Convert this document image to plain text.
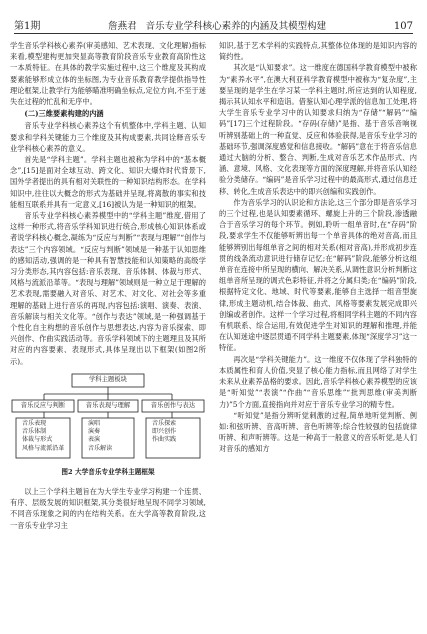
第1期	詹燕君 音乐专业学科核心素养的内涵及其模型构建	107

学生音乐学科核心素养(审美感知、艺术表现、文化理解)指标来看,模型建构更加突显高等教育阶段音乐专业教育高阶性这一本质特征。在具体的教学实施过程中,这三个维度及其构成要素能够形成立体的坐标图,为专业音乐教育教学提供指导性理论框架,让教学行为能够瞄准明确坐标点,定位方向,不至于迷失在过程的忙乱和无序中。

(二)三维要素构建的内涵

音乐专业学科核心素养这个有机整体中,学科主题、认知要求和学科关键能力三个维度及其构成要素,共同诠释音乐专业学科核心素养的意义。

首先是“学科主题”。学科主题也被称为学科中的“基本概念”,[15]是面对全球互动、跨文化、知识大爆炸时代背景下,国外学者提出的具有相对关联性的一种知识结构形态。在学科知识中,往往以大概念的形式为基础并呈现,将离散的事实和技能相互联系并具有一定意义,[16]被认为是一种知识的框架。

音乐专业学科核心素养模型中的“学科主题”维度,借用了这样一种形式,将音乐学科知识进行统合,形成核心知识体系或者说学科核心概念,凝练为“反应与判断”“表现与理解”“创作与表达”三个内容领域。“反应与判断”领域是一种基于认知思维的感知活动,强调的是一种具有智慧技能和认知策略的高级学习分类形态,其内容包括:音乐表现、音乐体制、体裁与形式、风格与流派沿革等。“表现与理解”领域则是一种立足于理解的艺术表现,需要融入对音乐、对艺术、对文化、对社会等多重理解的基础上进行音乐的再现,内容包括:演唱、演奏、表演、音乐解读与相关文化等。“创作与表达”领域,是一种强调基于个性化自主构想的音乐创作与思想表达,内容为音乐探索、即兴创作、作曲实践活动等。音乐学科领域下的主题理且及其所对应的内容要素、表现形式,具体呈现出以下框架(如图2所示)。

学科主题板块
音乐反应与判断	音乐表现与理解	音乐创作与表达
音乐表现
音乐体制
体裁与形式
风格与流派沿革
演唱
演奏
表演
音乐解读
音乐探索
即兴创作
作曲实践
图2 大学音乐专业学科主题框架

以上三个学科主题旨在为大学生专业学习构建一个连贯、有序、层级发展的知识框架,其分类很好地呈现不同学习领域,不同音乐现象之间的内在结构关系。在大学高等教育阶段,这一音乐专业学习主

知识,基于艺术学科的实践特点,其整体位体现的是知识内容的简约性。

其次是“认知要求”。这一维度在德国科学教育模型中被称为“素养水平”,在澳大利亚科学教育模型中被称为“复杂度”,主要呈现的是学生在学习某一学科主题时,所应达到的认知程度,揭示其认知水平和造诣。借鉴认知心理学派的信息加工处理,将大学生音乐专业学习中的认知要求归纳为“存储”“解码”“编码”[17]三个过程阶段。“存码(存储)”是指、基于音乐音响视听辨别基础上的一种直觉、反应和体验获得,是音乐专业学习的基础环节,强调深度感觉和信息接收。“解码”意在于将音乐信息通过大脑的分析、整合、判断,生成对音乐艺术作品形式、内涵、意境、风格、文化表现等方面的深度理解,并将音乐认知经验分类储存。“编码”是音乐学习过程中的最高形式,通过信息迁移、转化,生成音乐表达中的即兴创编和实践创作。

作为音乐学习的认识论和方法论,这三个部分即是音乐学习的三个过程,也是认知要素循环、螺旋上升的三个阶段,渗透融合于音乐学习的每个环节。例如,聆听一组单音时,在“存码”阶段,要求学生不仅能够听辨出每一个单音具体的绝对音高,而且能够辨别出每组单音之间的相对关系(相对音高),并形成初步连贯的线条流动意识进行储存记忆;在“解码”阶段,能够分析这组单音在连接中所呈现的横向、解决关系,从调性意识分析判断这组单音所呈现的调式色彩特征,并将之分属归类;在“编码”阶段,根据特定文化、地域、时代等要素,能够自主选择一组音型旋律,形成主题动机,结合体裁、曲式、风格等要素发展完成即兴创编或者创作。这样一个学习过程,将相同学科主题的不同内容有机联系、综合运用,有效促进学生对知识的理解和推理,并能在认知迷途中逐层贯通不同学科主题要素,体现“深度学习”这一特征。

再次是“学科关键能力”。这一维度不仅体现了学科独特的本质属性和育人价值,突显了核心能力指标,而且网络了对学生未来从业素养品格的要求。因此,音乐学科核心素养模型的应该是“听知觉”“表演”“作曲”“音乐思维”“批判思维(审美判断力)”5个方面,直接指向并对应于音乐专业学习的精专性。

“听知觉”是指分辨听觉刺激的过程,简单地听觉判断、例如:和弦听辨、音高听辨、音色听辨等;综合性较强的包括旋律听辨、和声听辨等。这是一种高于一般意义的音乐听觉,是人们对音乐的感知方
